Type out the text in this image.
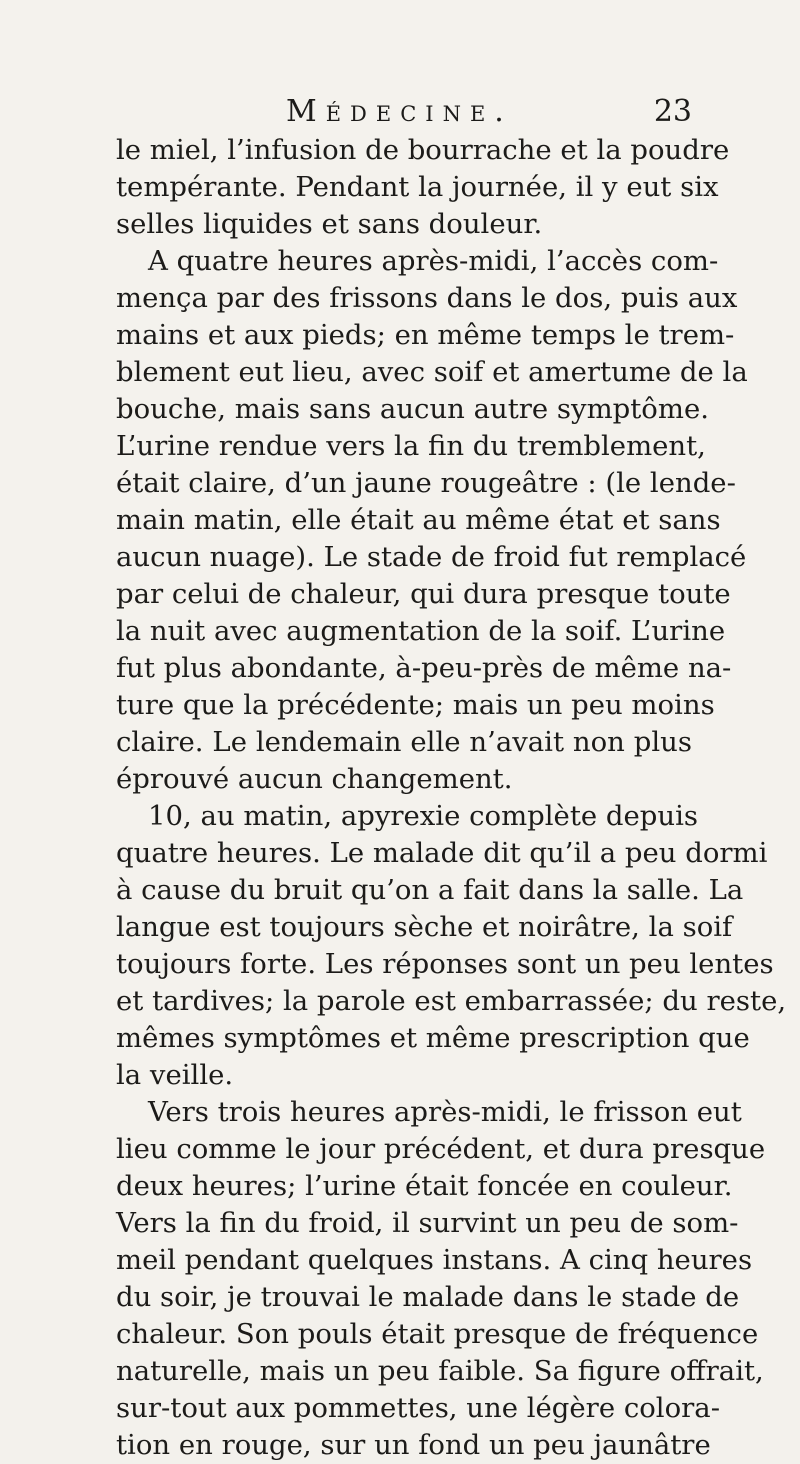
Médecine.	23
le miel, l’infusion de bourrache et la poudre
tempérante. Pendant la journée, il y eut six
selles liquides et sans douleur.
A quatre heures après-midi, l’accès com-
mença par des frissons dans le dos, puis aux
mains et aux pieds; en même temps le trem-
blement eut lieu, avec soif et amertume de la
bouche, mais sans aucun autre symptôme.
L’urine rendue vers la fin du tremblement,
était claire, d’un jaune rougeâtre : (le lende-
main matin, elle était au même état et sans
aucun nuage). Le stade de froid fut remplacé
par celui de chaleur, qui dura presque toute
la nuit avec augmentation de la soif. L’urine
fut plus abondante, à-peu-près de même na-
ture que la précédente; mais un peu moins
claire. Le lendemain elle n’avait non plus
éprouvé aucun changement.
10, au matin, apyrexie complète depuis
quatre heures. Le malade dit qu’il a peu dormi
à cause du bruit qu’on a fait dans la salle. La
langue est toujours sèche et noirâtre, la soif
toujours forte. Les réponses sont un peu lentes
et tardives; la parole est embarrassée; du reste,
mêmes symptômes et même prescription que
la veille.
Vers trois heures après-midi, le frisson eut
lieu comme le jour précédent, et dura presque
deux heures; l’urine était foncée en couleur.
Vers la fin du froid, il survint un peu de som-
meil pendant quelques instans. A cinq heures
du soir, je trouvai le malade dans le stade de
chaleur. Son pouls était presque de fréquence
naturelle, mais un peu faible. Sa figure offrait,
sur-tout aux pommettes, une légère colora-
tion en rouge, sur un fond un peu jaunâtre
